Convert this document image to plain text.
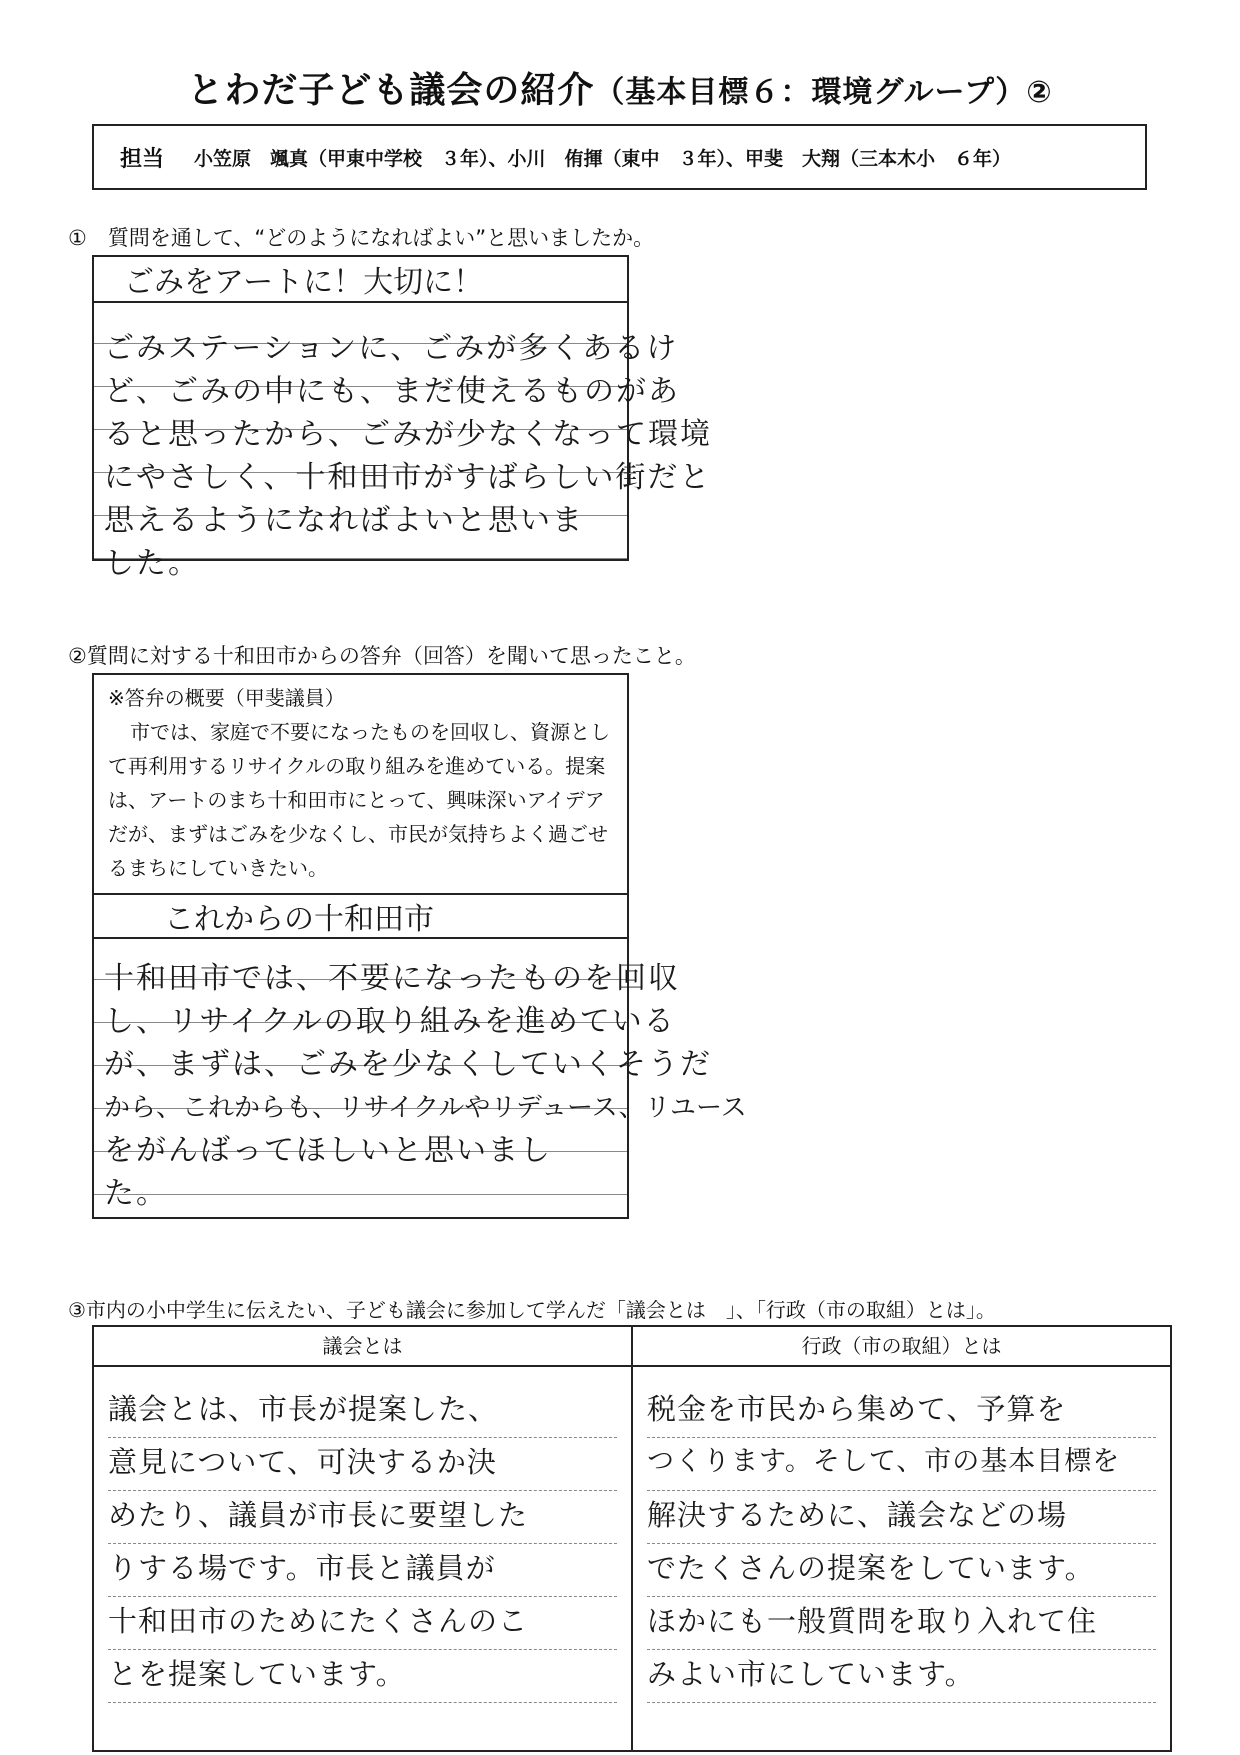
とわだ子ども議会の紹介（基本目標６：環境グループ）②
担当 小笠原　颯真（甲東中学校　３年）、小川　侑揮（東中　３年）、甲斐　大翔（三本木小　６年）
①　質問を通して、“どのようになればよい”と思いましたか。
ごみをアートに！大切に！
ごみステーションに、ごみが多くあるけ
ど、ごみの中にも、まだ使えるものがあ
ると思ったから、ごみが少なくなって環境
にやさしく、十和田市がすばらしい街だと
思えるようになればよいと思いま
した。
②質問に対する十和田市からの答弁（回答）を聞いて思ったこと。
※答弁の概要（甲斐議員）
市では、家庭で不要になったものを回収し、資源として再利用するリサイクルの取り組みを進めている。提案は、アートのまち十和田市にとって、興味深いアイデアだが、まずはごみを少なくし、市民が気持ちよく過ごせるまちにしていきたい。
これからの十和田市
十和田市では、不要になったものを回収
し、リサイクルの取り組みを進めている
が、まずは、ごみを少なくしていくそうだ
から、これからも、リサイクルやリデュース、リユース
をがんばってほしいと思いまし
た。
③市内の小中学生に伝えたい、子ども議会に参加して学んだ「議会とは　」、「行政（市の取組）とは」。
議会とは
議会とは、市長が提案した、
意見について、可決するか決
めたり、議員が市長に要望した
りする場です。市長と議員が
十和田市のためにたくさんのこ
とを提案しています。
行政（市の取組）とは
税金を市民から集めて、予算を
つくります。そして、市の基本目標を
解決するために、議会などの場
でたくさんの提案をしています。
ほかにも一般質問を取り入れて住
みよい市にしています。
